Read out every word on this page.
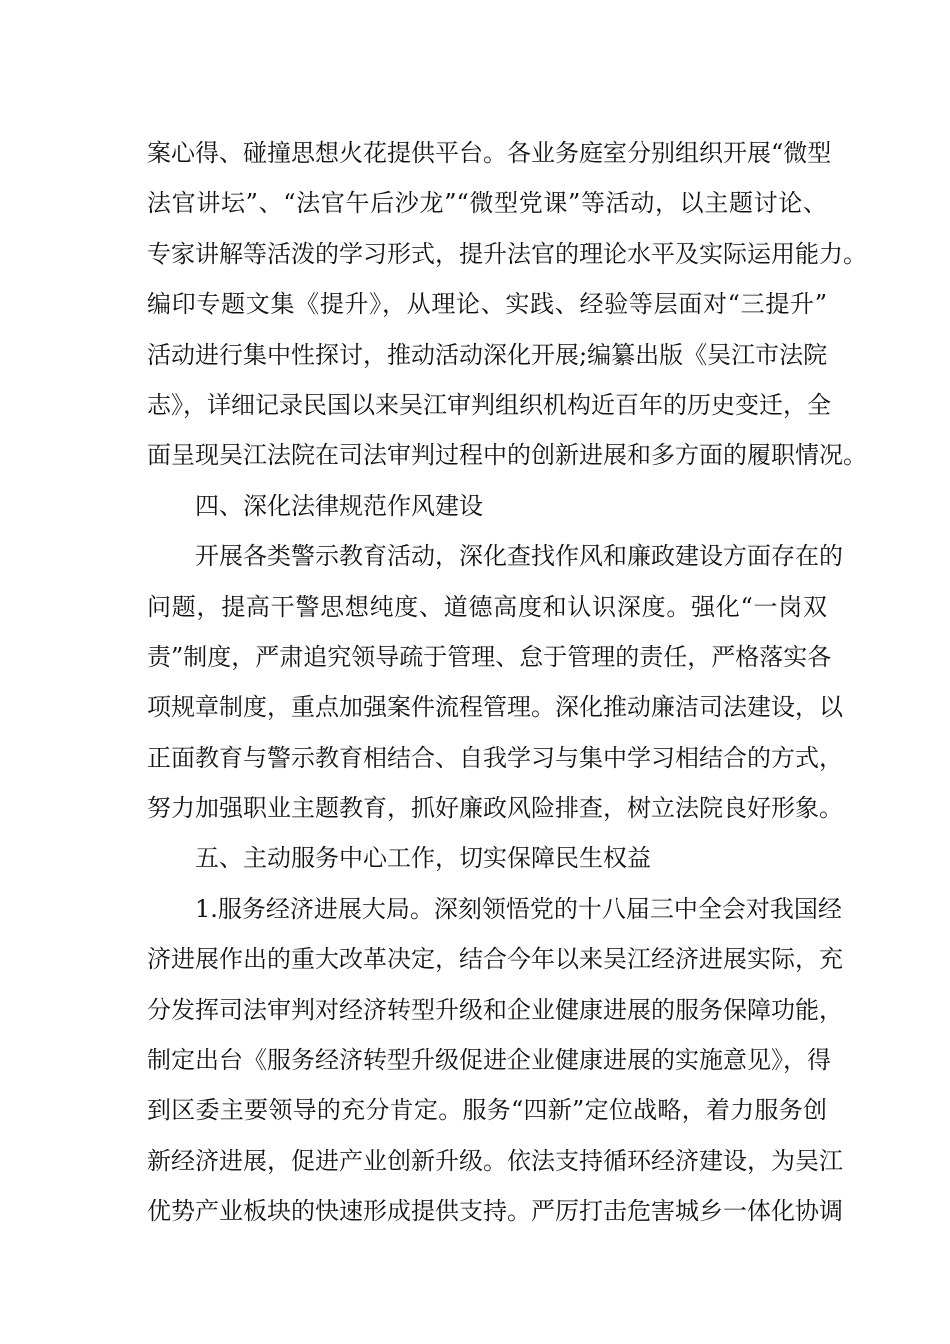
案心得、碰撞思想火花提供平台。各业务庭室分别组织开展“微型
法官讲坛”、“法官午后沙龙”“微型党课”等活动，以主题讨论、
专家讲解等活泼的学习形式，提升法官的理论水平及实际运用能力。
编印专题文集《提升》，从理论、实践、经验等层面对“三提升”
活动进行集中性探讨，推动活动深化开展;编纂出版《吴江市法院
志》，详细记录民国以来吴江审判组织机构近百年的历史变迁，全
面呈现吴江法院在司法审判过程中的创新进展和多方面的履职情况。
四、深化法律规范作风建设
开展各类警示教育活动，深化查找作风和廉政建设方面存在的
问题，提高干警思想纯度、道德高度和认识深度。强化“一岗双
责”制度，严肃追究领导疏于管理、怠于管理的责任，严格落实各
项规章制度，重点加强案件流程管理。深化推动廉洁司法建设，以
正面教育与警示教育相结合、自我学习与集中学习相结合的方式，
努力加强职业主题教育，抓好廉政风险排查，树立法院良好形象。
五、主动服务中心工作，切实保障民生权益
1.服务经济进展大局。深刻领悟党的十八届三中全会对我国经
济进展作出的重大改革决定，结合今年以来吴江经济进展实际，充
分发挥司法审判对经济转型升级和企业健康进展的服务保障功能，
制定出台《服务经济转型升级促进企业健康进展的实施意见》，得
到区委主要领导的充分肯定。服务“四新”定位战略，着力服务创
新经济进展，促进产业创新升级。依法支持循环经济建设，为吴江
优势产业板块的快速形成提供支持。严厉打击危害城乡一体化协调
